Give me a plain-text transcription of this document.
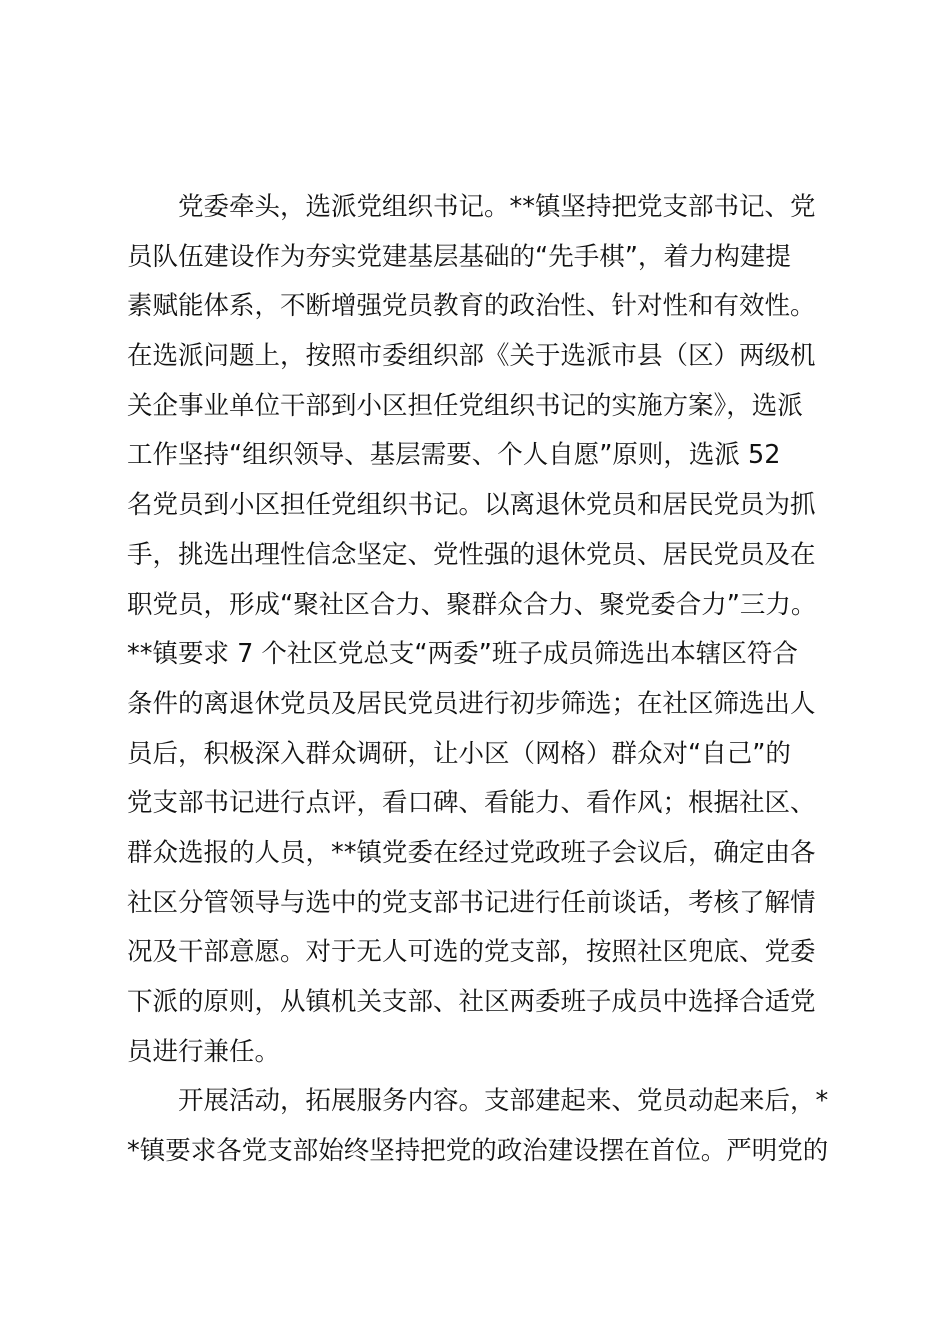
　　党委牵头，选派党组织书记。**镇坚持把党支部书记、党
员队伍建设作为夯实党建基层基础的“先手棋”，着力构建提
素赋能体系，不断增强党员教育的政治性、针对性和有效性。
在选派问题上，按照市委组织部《关于选派市县（区）两级机
关企事业单位干部到小区担任党组织书记的实施方案》，选派
工作坚持“组织领导、基层需要、个人自愿”原则，选派 52
名党员到小区担任党组织书记。以离退休党员和居民党员为抓
手，挑选出理性信念坚定、党性强的退休党员、居民党员及在
职党员，形成“聚社区合力、聚群众合力、聚党委合力”三力。
**镇要求 7 个社区党总支“两委”班子成员筛选出本辖区符合
条件的离退休党员及居民党员进行初步筛选；在社区筛选出人
员后，积极深入群众调研，让小区（网格）群众对“自己”的
党支部书记进行点评，看口碑、看能力、看作风；根据社区、
群众选报的人员，**镇党委在经过党政班子会议后，确定由各
社区分管领导与选中的党支部书记进行任前谈话，考核了解情
况及干部意愿。对于无人可选的党支部，按照社区兜底、党委
下派的原则，从镇机关支部、社区两委班子成员中选择合适党
员进行兼任。
　　开展活动，拓展服务内容。支部建起来、党员动起来后，*
*镇要求各党支部始终坚持把党的政治建设摆在首位。严明党的
